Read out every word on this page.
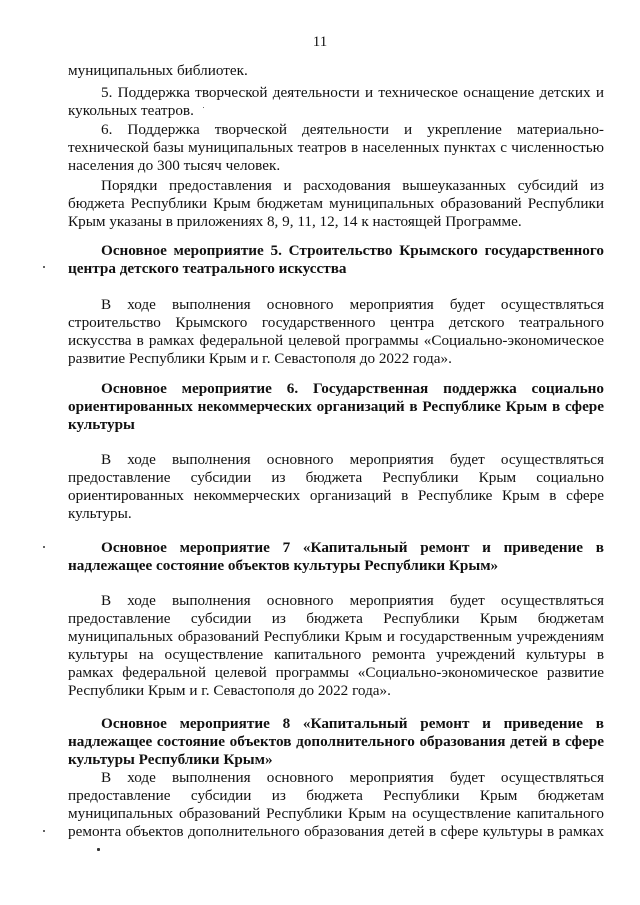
11
муниципальных библиотек.
5. Поддержка творческой деятельности и техническое оснащение детских и
кукольных театров.
6. Поддержка творческой деятельности и укрепление материально-
технической базы муниципальных театров в населенных пунктах с численностью
населения до 300 тысяч человек.
Порядки предоставления и расходования вышеуказанных субсидий из
бюджета Республики Крым бюджетам муниципальных образований Республики
Крым указаны в приложениях 8, 9, 11, 12, 14 к настоящей Программе.
Основное мероприятие 5. Строительство Крымского государственного
центра детского театрального искусства
В ходе выполнения основного мероприятия будет осуществляться
строительство Крымского государственного центра детского театрального
искусства в рамках федеральной целевой программы «Социально-экономическое
развитие Республики Крым и г. Севастополя до 2022 года».
Основное мероприятие 6. Государственная поддержка социально
ориентированных некоммерческих организаций в Республике Крым в сфере
культуры
В ходе выполнения основного мероприятия будет осуществляться
предоставление субсидии из бюджета Республики Крым социально
ориентированных некоммерческих организаций в Республике Крым в сфере
культуры.
Основное мероприятие 7 «Капитальный ремонт и приведение в
надлежащее состояние объектов культуры Республики Крым»
В ходе выполнения основного мероприятия будет осуществляться
предоставление субсидии из бюджета Республики Крым бюджетам
муниципальных образований Республики Крым и государственным учреждениям
культуры на осуществление капитального ремонта учреждений культуры в
рамках федеральной целевой программы «Социально-экономическое развитие
Республики Крым и г. Севастополя до 2022 года».
Основное мероприятие 8 «Капитальный ремонт и приведение в
надлежащее состояние объектов дополнительного образования детей в сфере
культуры Республики Крым»
В ходе выполнения основного мероприятия будет осуществляться
предоставление субсидии из бюджета Республики Крым бюджетам
муниципальных образований Республики Крым на осуществление капитального
ремонта объектов дополнительного образования детей в сфере культуры в рамках
